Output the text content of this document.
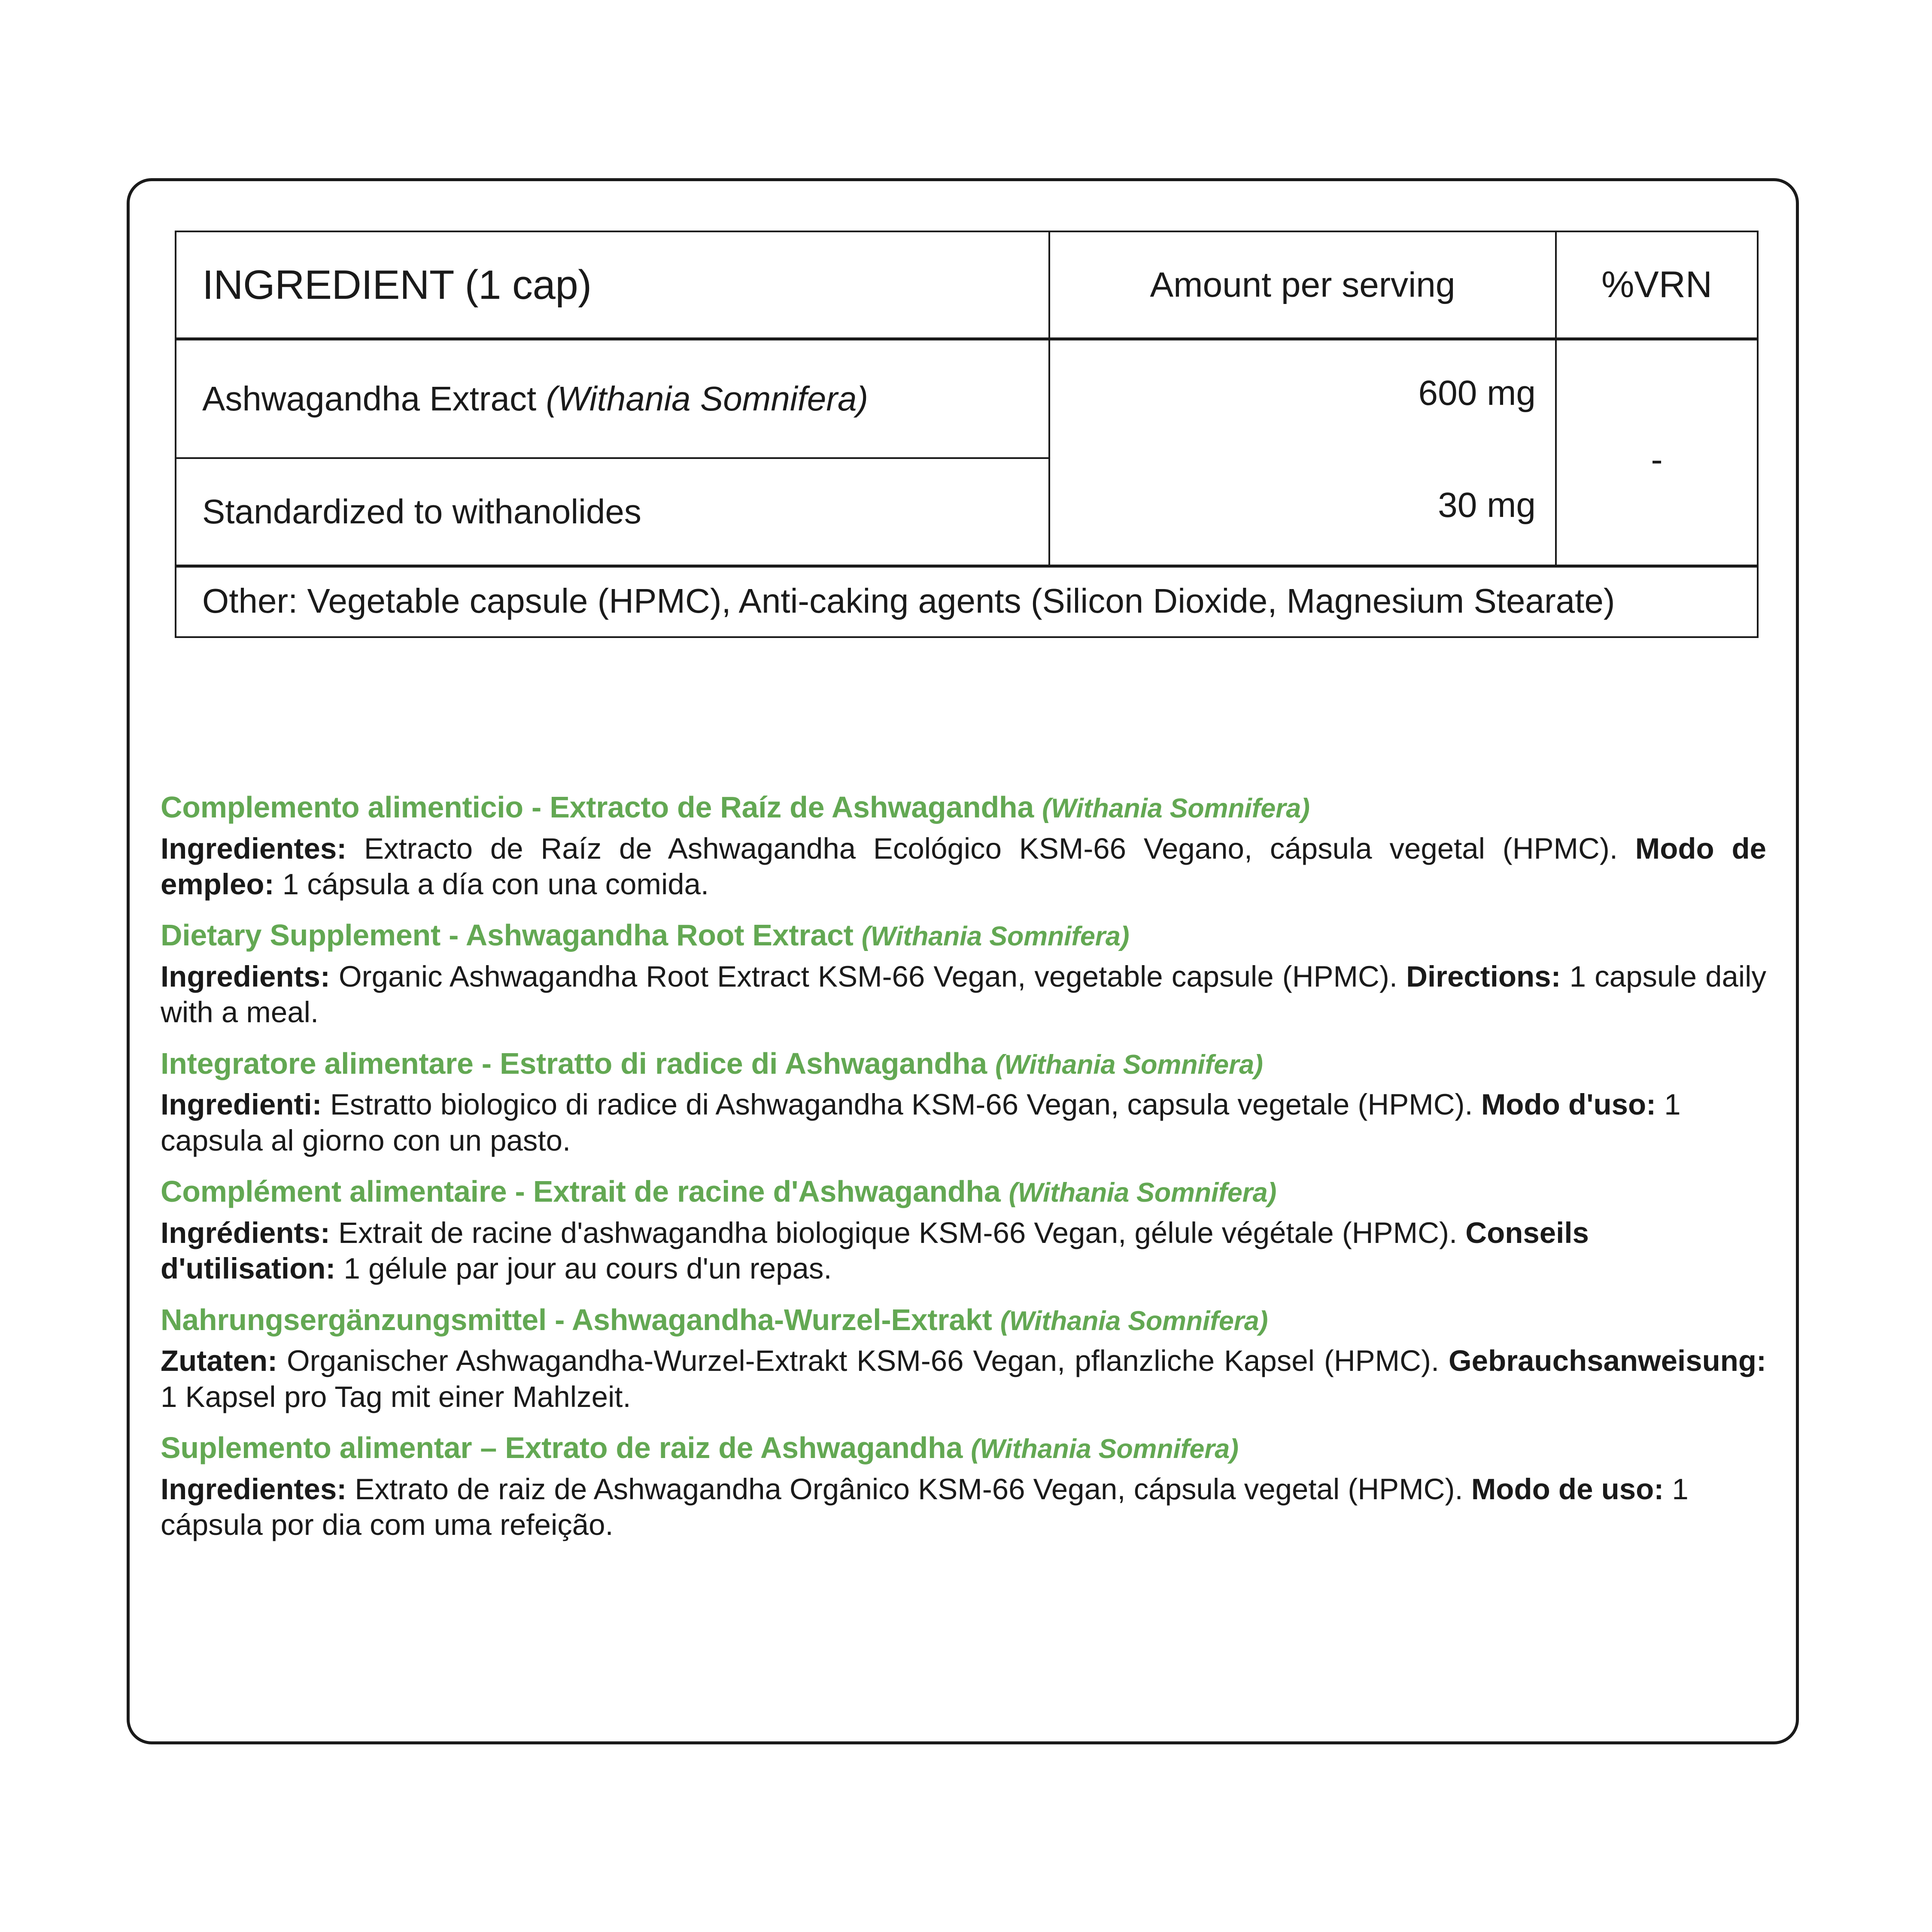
INGREDIENT (1 cap)	Amount per serving	%VRN
Ashwagandha Extract (Withania Somnifera)	600 mg	-
Standardized to withanolides	30 mg	
Other: Vegetable capsule (HPMC), Anti-caking agents (Silicon Dioxide, Magnesium Stearate)		

Complemento alimenticio - Extracto de Raíz de Ashwagandha (Withania Somnifera)

Ingredientes: Extracto de Raíz de Ashwagandha Ecológico KSM-66 Vegano, cápsula vegetal (HPMC). Modo de empleo: 1 cápsula a día con una comida.

Dietary Supplement - Ashwagandha Root Extract (Withania Somnifera)

Ingredients: Organic Ashwagandha Root Extract KSM-66 Vegan, vegetable capsule (HPMC). Directions: 1 capsule daily with a meal.

Integratore alimentare - Estratto di radice di Ashwagandha (Withania Somnifera)

Ingredienti: Estratto biologico di radice di Ashwagandha KSM-66 Vegan, capsula vegetale (HPMC). Modo d'uso: 1 capsula al giorno con un pasto.

Complément alimentaire - Extrait de racine d'Ashwagandha (Withania Somnifera)

Ingrédients: Extrait de racine d'ashwagandha biologique KSM-66 Vegan, gélule végétale (HPMC). Conseils d'utilisation: 1 gélule par jour au cours d'un repas.

Nahrungsergänzungsmittel - Ashwagandha-Wurzel-Extrakt (Withania Somnifera)

Zutaten: Organischer Ashwagandha-Wurzel-Extrakt KSM-66 Vegan, pflanzliche Kapsel (HPMC). Gebrauchsanweisung: 1 Kapsel pro Tag mit einer Mahlzeit.

Suplemento alimentar – Extrato de raiz de Ashwagandha (Withania Somnifera)

Ingredientes: Extrato de raiz de Ashwagandha Orgânico KSM-66 Vegan, cápsula vegetal (HPMC). Modo de uso: 1 cápsula por dia com uma refeição.
